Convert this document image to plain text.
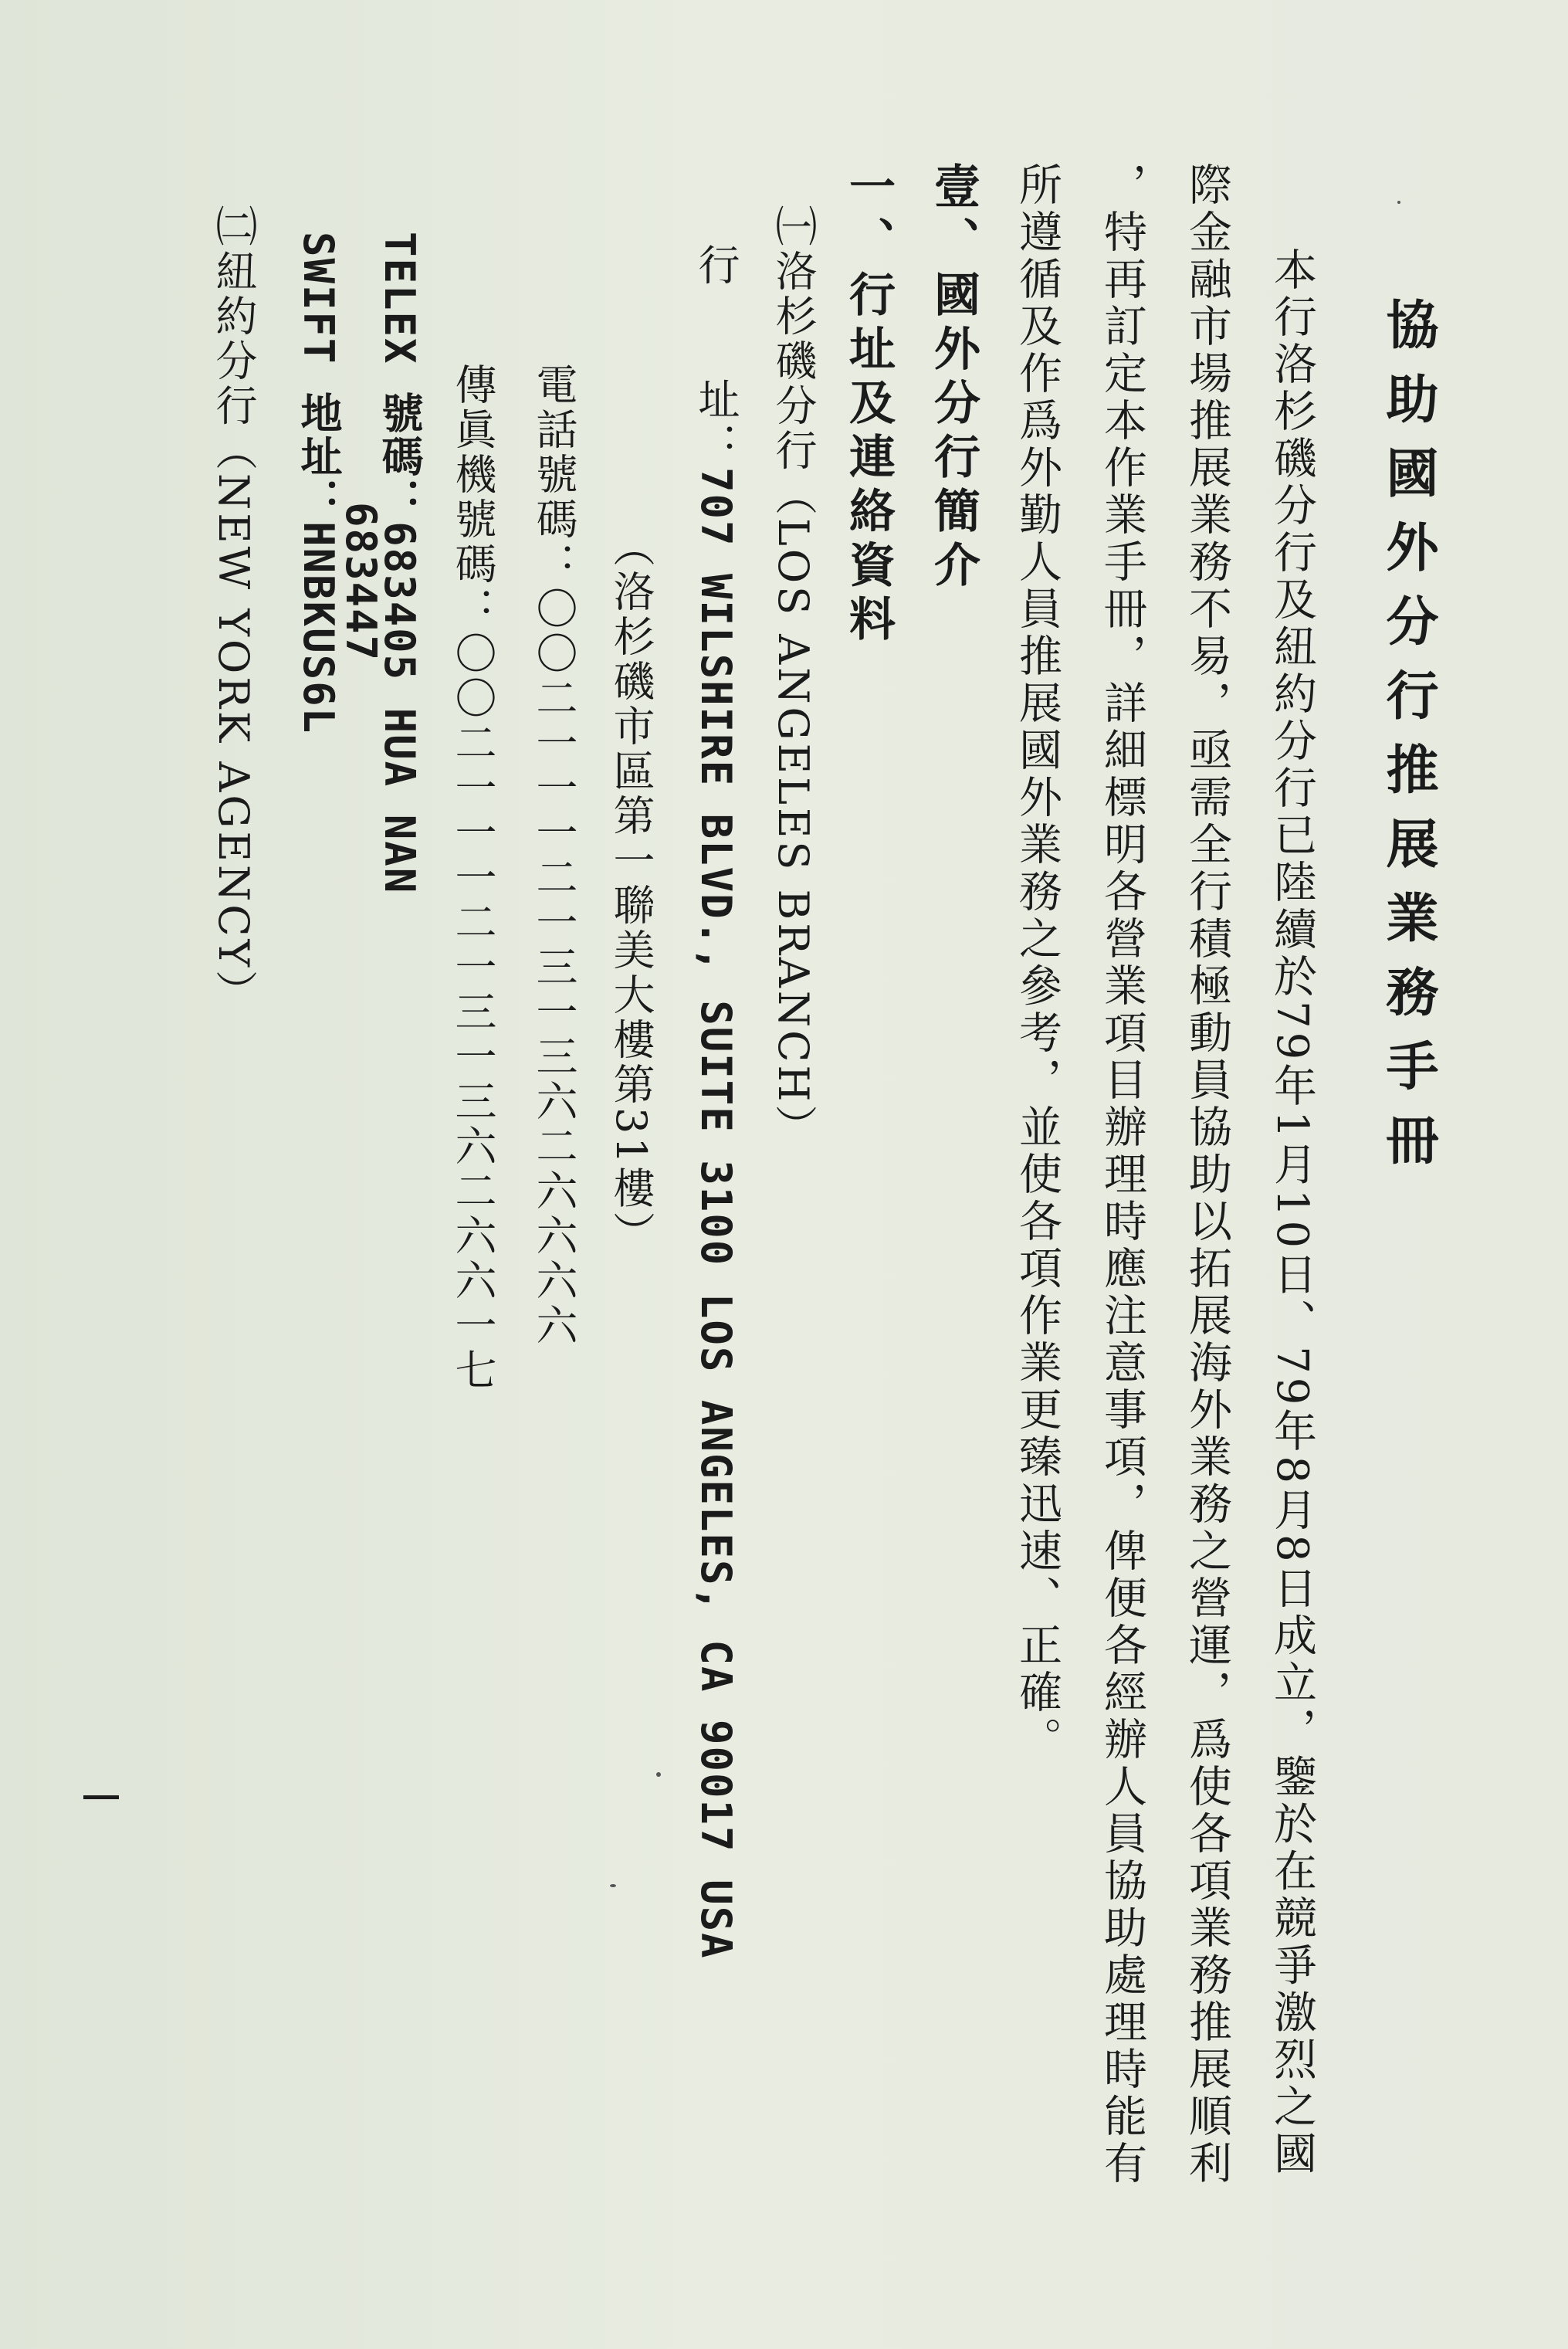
協助國外分行推展業務手冊
本行洛杉磯分行及紐約分行已陸續於79年1月10日、79年8月8日成立，鑒於在競爭激烈之國
際金融市場推展業務不易，亟需全行積極動員協助以拓展海外業務之營運，爲使各項業務推展順利
，特再訂定本作業手冊，詳細標明各營業項目辦理時應注意事項，俾便各經辦人員協助處理時能有
所遵循及作爲外勤人員推展國外業務之參考，並使各項作業更臻迅速、正確。
壹、國外分行簡介
一、行址及連絡資料
㈠洛杉磯分行（LOS ANGELES BRANCH）
行　　址：707 WILSHIRE BLVD., SUITE 3100 LOS ANGELES, CA 90017 USA
（洛杉磯市區第一聯美大樓第31樓）
電話號碼：〇〇二一一一二一三一三六二六六六六
傳眞機號碼：〇〇二一一一二一三一三六二六六一七
TELEX 號碼：683405 HUA NAN
683447
SWIFT 地址：HNBKUS6L
㈡紐約分行（NEW YORK AGENCY）
